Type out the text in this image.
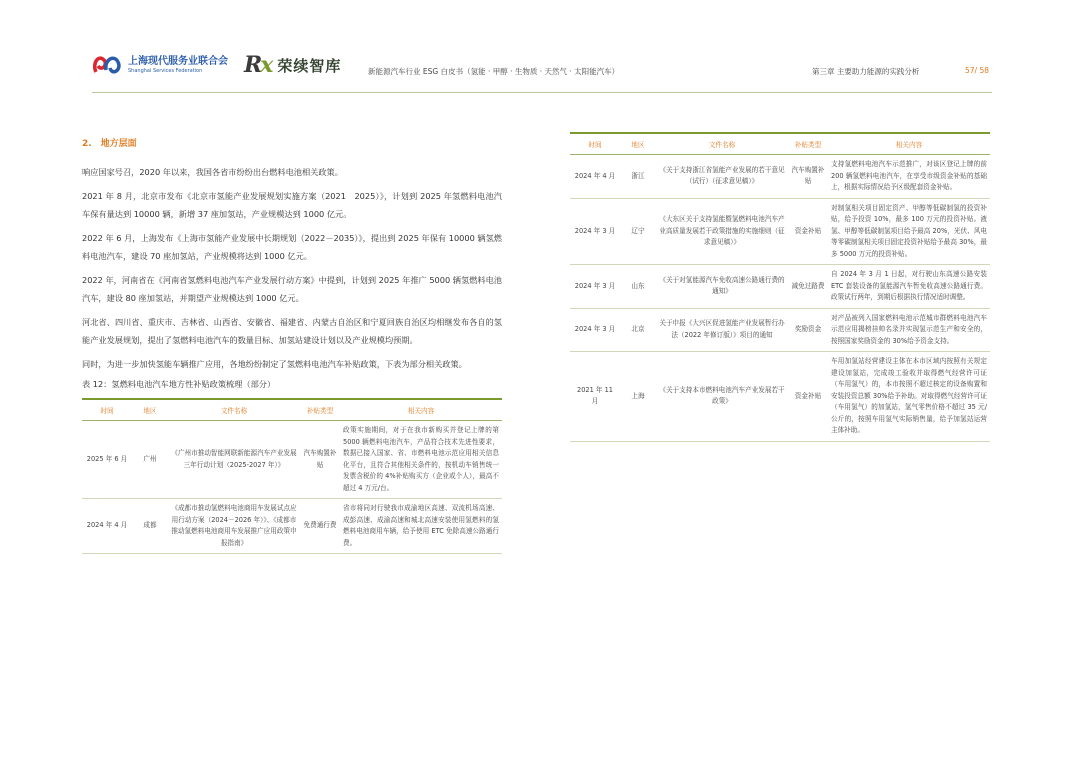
上海现代服务业联合会
Shanghai Services Federation	Rx 荣续智库	新能源汽车行业 ESG 白皮书（氢能 · 甲醇 · 生物质 · 天然气 · 太阳能汽车）	第三章 主要助力能源的实践分析	57/ 58
2.　地方层面

响应国家号召，2020 年以来，我国各省市纷纷出台燃料电池相关政策。

2021 年 8 月，北京市发布《北京市氢能产业发展规划实施方案（2021　2025）》，计划到 2025 年氢燃料电池汽车保有量达到 10000 辆，新增 37 座加氢站，产业规模达到 1000 亿元。

2022 年 6 月，上海发布《上海市氢能产业发展中长期规划（2022－2035）》，提出到 2025 年保有 10000 辆氢燃料电池汽车，建设 70 座加氢站，产业规模将达到 1000 亿元。

2022 年，河南省在《河南省氢燃料电池汽车产业发展行动方案》中提到，计划到 2025 年推广 5000 辆氢燃料电池汽车，建设 80 座加氢站，并期望产业规模达到 1000 亿元。

河北省、四川省、重庆市、吉林省、山西省、安徽省、福建省、内蒙古自治区和宁夏回族自治区均相继发布各自的氢能产业发展规划，提出了氢燃料电池汽车的数量目标、加氢站建设计划以及产业规模均预期。

同时，为进一步加快氢能车辆推广应用，各地纷纷制定了氢燃料电池汽车补贴政策，下表为部分相关政策。

表 12：氢燃料电池汽车地方性补贴政策梳理（部分）
时间	地区	文件名称	补贴类型	相关内容
2025 年 6 月	广州	《广州市推动智能网联新能源汽车产业发展三年行动计划（2025-2027 年）》	汽车购置补贴	政策实施期间，对于在我市新购买并登记上牌的第 5000 辆燃料电池汽车，产品符合技术先进性要求，数据已接入国家、省、市燃料电池示范应用相关信息化平台，且符合其他相关条件的，按机动车销售统一发票含税价的 4%补贴购买方（企业或个人），最高不超过 4 万元/台。
2024 年 4 月	成都	《成都市推动氢燃料电池商用车发展试点应用行动方案（2024－2026 年）》、《成都市推动氢燃料电池商用车发展推广应用政策申报指南》	免费通行费	省市将同对行驶我市成渝地区高速、双流机场高速、成彭高速、成渝高速和城北高速安装使用氢燃料的氢燃料电池商用车辆，给予使用 ETC 免除高速公路通行费。
时间	地区	文件名称	补贴类型	相关内容
2024 年 4 月	浙江	《关于支持浙江省氢能产业发展的若干意见（试行）（征求意见稿）》	汽车购置补贴	支持氢燃料电池汽车示范推广，对该区登记上牌的前 200 辆氢燃料电池汽车，在享受市级资金补贴的基础上，根据实际情况给予区级配套资金补贴。
2024 年 3 月	辽宁	《大东区关于支持氢能暨氢燃料电池汽车产业高质量发展若干政策措施的实施细则（征求意见稿）》	资金补贴	对制氢相关项目固定资产、甲醇等低碳制氢的投资补贴，给予投资 10%，最多 100 万元的投资补贴。液氢、甲醇等低碳制氢项目给予最高 20%，光伏、风电等零碳制氢相关项目固定投资补贴给予最高 30%，最多 5000 万元的投资补贴。
2024 年 3 月	山东	《关于对氢能源汽车免收高速公路通行费的通知》	减免过路费	自 2024 年 3 月 1 日起，对行驶山东高速公路安装 ETC 套装设备的氢能源汽车暂免收高速公路通行费。政策试行两年，到期后根据执行情况适时调整。
2024 年 3 月	北京	关于申报《大兴区促进氢能产业发展暂行办法（2022 年修订版）》项目的通知	奖励资金	对产品被列入国家燃料电池示范城市群燃料电池汽车示范应用揭榜挂帅名录并实现氢示范生产和安全的，按照国家奖励资金的 30%给予资金支持。
2021 年 11 月	上海	《关于支持本市燃料电池汽车产业发展若干政策》	资金补贴	车用加氢站经营建设主体在本市区域内按照有关规定建设加氢站，完成竣工验收并取得燃气经营许可证（车用氢气）的，本市按照不超过核定的设备购置和安装投资总额 30%给予补助。对取得燃气经营许可证（车用氢气）的加氢站，氢气零售价格不超过 35 元/公斤的，按照车用氢气实际销售量，给予加氢站运营主体补助。
